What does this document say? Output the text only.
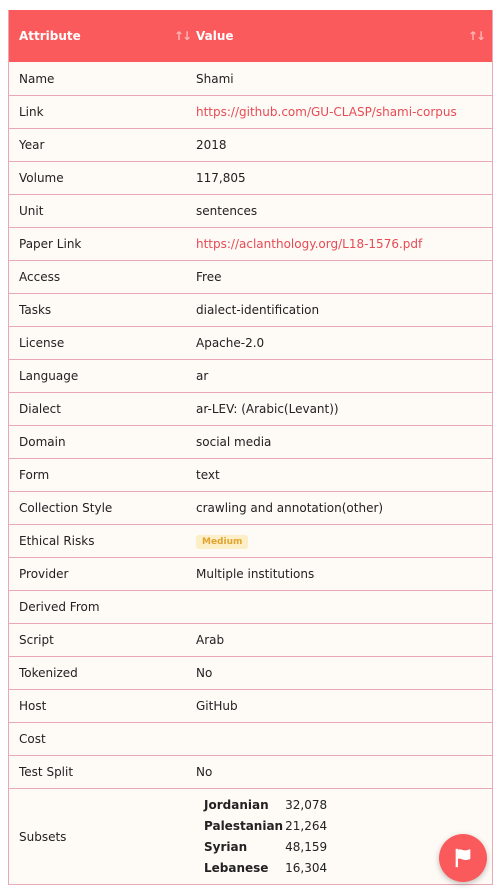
Attribute	↑↓ Value	↑↓
Name	Shami
Link	https://github.com/GU-CLASP/shami-corpus
Year	2018
Volume	117,805
Unit	sentences
Paper Link	https://aclanthology.org/L18-1576.pdf
Access	Free
Tasks	dialect-identification
License	Apache-2.0
Language	ar
Dialect	ar-LEV: (Arabic(Levant))
Domain	social media
Form	text
Collection Style	crawling and annotation(other)
Ethical Risks	Medium
Provider	Multiple institutions
Derived From
Script	Arab
Tokenized	No
Host	GitHub
Cost
Test Split	No
Subsets
Jordanian	32,078
Palestanian	21,264
Syrian	48,159
Lebanese	16,304
